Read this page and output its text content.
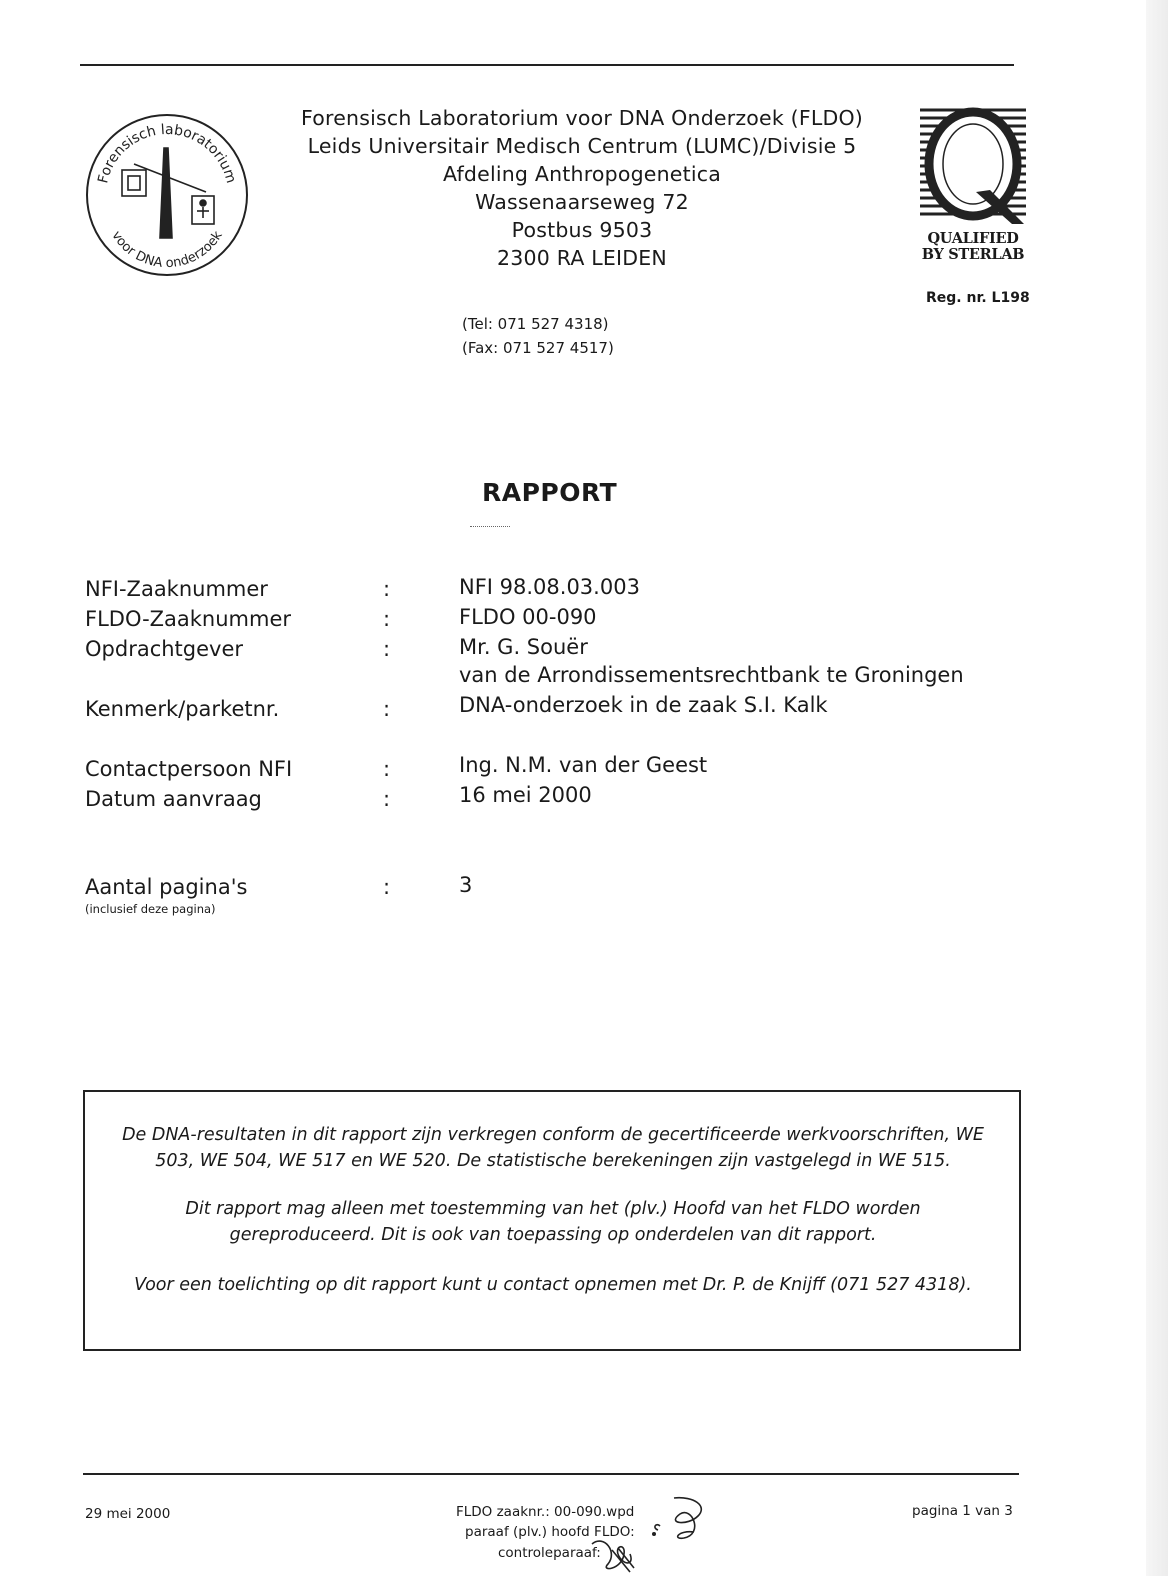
Forensisch laboratorium
voor DNA onderzoek
Forensisch Laboratorium voor DNA Onderzoek (FLDO)
Leids Universitair Medisch Centrum (LUMC)/Divisie 5
Afdeling Anthropogenetica
Wassenaarseweg 72
Postbus 9503
2300 RA LEIDEN
(Tel: 071 527 4318)
(Fax: 071 527 4517)
QUALIFIED
BY STERLAB
Reg. nr. L198
RAPPORT
NFI-Zaaknummer	:	NFI 98.08.03.003
FLDO-Zaaknummer	:	FLDO 00-090
Opdrachtgever	:	Mr. G. Souër
van de Arrondissementsrechtbank te Groningen
Kenmerk/parketnr.	:	DNA-onderzoek in de zaak S.I. Kalk
Contactpersoon NFI	:	Ing. N.M. van der Geest
Datum aanvraag	:	16 mei 2000
Aantal pagina's	:	3
(inclusief deze pagina)

De DNA-resultaten in dit rapport zijn verkregen conform de gecertificeerde werkvoorschriften, WE
503, WE 504, WE 517 en WE 520. De statistische berekeningen zijn vastgelegd in WE 515.

Dit rapport mag alleen met toestemming van het (plv.) Hoofd van het FLDO worden
gereproduceerd. Dit is ook van toepassing op onderdelen van dit rapport.

Voor een toelichting op dit rapport kunt u contact opnemen met Dr. P. de Knijff (071 527 4318).

29 mei 2000	FLDO zaaknr.: 00-090.wpd
paraaf (plv.) hoofd FLDO:
controleparaaf:
pagina 1 van 3
